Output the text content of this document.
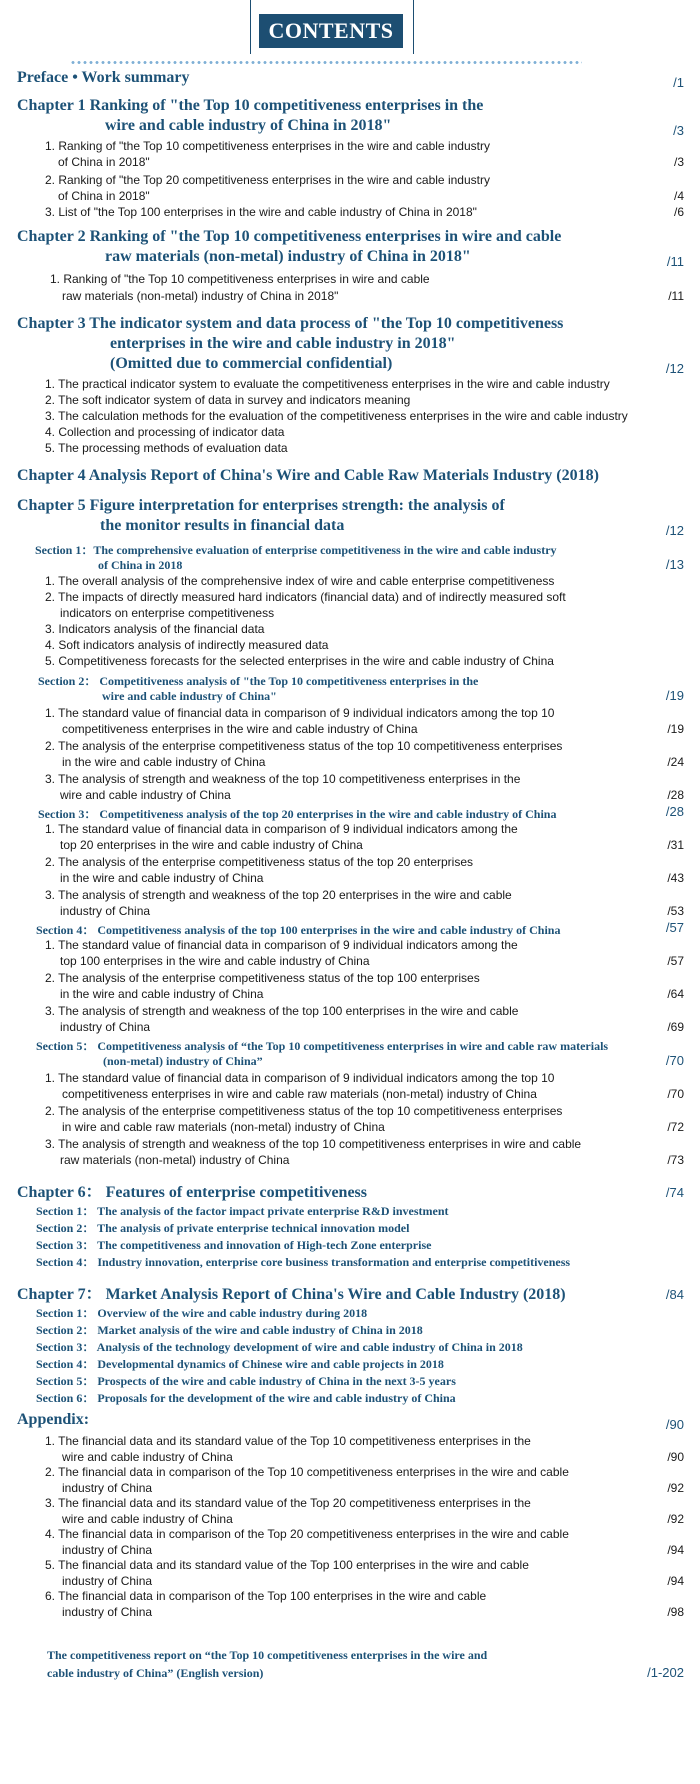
CONTENTS
Preface • Work summary	/1
Chapter 1 Ranking of "the Top 10 competitiveness enterprises in the
wire and cable industry of China in 2018"	/3
1. Ranking of "the Top 10 competitiveness enterprises in the wire and cable industry
of China in 2018"	/3
2. Ranking of "the Top 20 competitiveness enterprises in the wire and cable industry
of China in 2018"	/4
3. List of "the Top 100 enterprises in the wire and cable industry of China in 2018"	/6
Chapter 2 Ranking of "the Top 10 competitiveness enterprises in wire and cable
raw materials (non-metal) industry of China in 2018"	/11
1. Ranking of "the Top 10 competitiveness enterprises in wire and cable
raw materials (non-metal) industry of China in 2018"	/11
Chapter 3 The indicator system and data process of "the Top 10 competitiveness
enterprises in the wire and cable industry in 2018"
(Omitted due to commercial confidential)	/12
1. The practical indicator system to evaluate the competitiveness enterprises in the wire and cable industry
2. The soft indicator system of data in survey and indicators meaning
3. The calculation methods for the evaluation of the competitiveness enterprises in the wire and cable industry
4. Collection and processing of indicator data
5. The processing methods of evaluation data
Chapter 4 Analysis Report of China's Wire and Cable Raw Materials Industry (2018)
Chapter 5 Figure interpretation for enterprises strength: the analysis of
the monitor results in financial data	/12
Section 1：The comprehensive evaluation of enterprise competitiveness in the wire and cable industry
of China in 2018	/13
1. The overall analysis of the comprehensive index of wire and cable enterprise competitiveness
2. The impacts of directly measured hard indicators (financial data) and of indirectly measured soft
indicators on enterprise competitiveness
3. Indicators analysis of the financial data
4. Soft indicators analysis of indirectly measured data
5. Competitiveness forecasts for the selected enterprises in the wire and cable industry of China
Section 2： Competitiveness analysis of "the Top 10 competitiveness enterprises in the
wire and cable industry of China"	/19
1. The standard value of financial data in comparison of 9 individual indicators among the top 10
competitiveness enterprises in the wire and cable industry of China	/19
2. The analysis of the enterprise competitiveness status of the top 10 competitiveness enterprises
in the wire and cable industry of China	/24
3. The analysis of strength and weakness of the top 10 competitiveness enterprises in the
wire and cable industry of China	/28
Section 3： Competitiveness analysis of the top 20 enterprises in the wire and cable industry of China	/28
1. The standard value of financial data in comparison of 9 individual indicators among the
top 20 enterprises in the wire and cable industry of China	/31
2. The analysis of the enterprise competitiveness status of the top 20 enterprises
in the wire and cable industry of China	/43
3. The analysis of strength and weakness of the top 20 enterprises in the wire and cable
industry of China	/53
Section 4： Competitiveness analysis of the top 100 enterprises in the wire and cable industry of China	/57
1. The standard value of financial data in comparison of 9 individual indicators among the
top 100 enterprises in the wire and cable industry of China	/57
2. The analysis of the enterprise competitiveness status of the top 100 enterprises
in the wire and cable industry of China	/64
3. The analysis of strength and weakness of the top 100 enterprises in the wire and cable
industry of China	/69
Section 5： Competitiveness analysis of “the Top 10 competitiveness enterprises in wire and cable raw materials
(non-metal) industry of China”	/70
1. The standard value of financial data in comparison of 9 individual indicators among the top 10
competitiveness enterprises in wire and cable raw materials (non-metal) industry of China	/70
2. The analysis of the enterprise competitiveness status of the top 10 competitiveness enterprises
in wire and cable raw materials (non-metal) industry of China	/72
3. The analysis of strength and weakness of the top 10 competitiveness enterprises in wire and cable
raw materials (non-metal) industry of China	/73
Chapter 6： Features of enterprise competitiveness	/74
Section 1： The analysis of the factor impact private enterprise R&D investment
Section 2： The analysis of private enterprise technical innovation model
Section 3： The competitiveness and innovation of High-tech Zone enterprise
Section 4： Industry innovation, enterprise core business transformation and enterprise competitiveness
Chapter 7： Market Analysis Report of China's Wire and Cable Industry (2018)	/84
Section 1： Overview of the wire and cable industry during 2018
Section 2： Market analysis of the wire and cable industry of China in 2018
Section 3： Analysis of the technology development of wire and cable industry of China in 2018
Section 4： Developmental dynamics of Chinese wire and cable projects in 2018
Section 5： Prospects of the wire and cable industry of China in the next 3-5 years
Section 6： Proposals for the development of the wire and cable industry of China
Appendix:	/90
1. The financial data and its standard value of the Top 10 competitiveness enterprises in the
wire and cable industry of China	/90
2. The financial data in comparison of the Top 10 competitiveness enterprises in the wire and cable
industry of China	/92
3. The financial data and its standard value of the Top 20 competitiveness enterprises in the
wire and cable industry of China	/92
4. The financial data in comparison of the Top 20 competitiveness enterprises in the wire and cable
industry of China	/94
5. The financial data and its standard value of the Top 100 enterprises in the wire and cable
industry of China	/94
6. The financial data in comparison of the Top 100 enterprises in the wire and cable
industry of China	/98
The competitiveness report on “the Top 10 competitiveness enterprises in the wire and
cable industry of China” (English version)	/1-202
